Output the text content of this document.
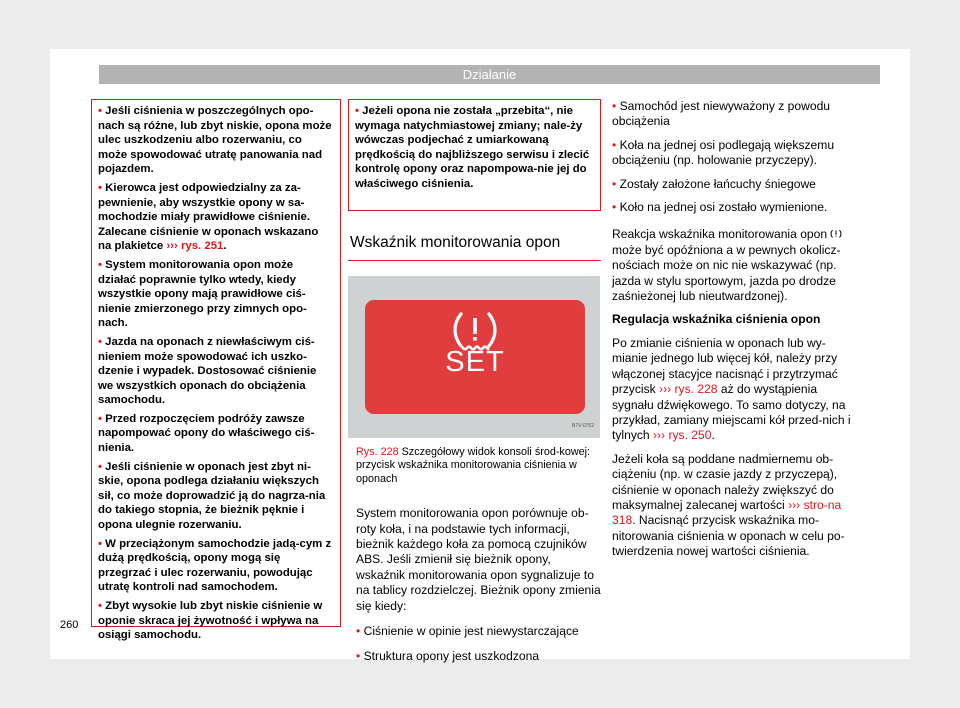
Działanie
• Jeśli ciśnienia w poszczególnych opo-nach są różne, lub zbyt niskie, opona może ulec uszkodzeniu albo rozerwaniu, co może spowodować utratę panowania nad pojazdem.
• Kierowca jest odpowiedzialny za za-pewnienie, aby wszystkie opony w sa-mochodzie miały prawidłowe ciśnienie. Zalecane ciśnienie w oponach wskazano na plakietce ››› rys. 251.
• System monitorowania opon może działać poprawnie tylko wtedy, kiedy wszystkie opony mają prawidłowe ciś-nienie zmierzonego przy zimnych opo-nach.
• Jazda na oponach z niewłaściwym ciś-nieniem może spowodować ich uszko-dzenie i wypadek. Dostosować ciśnienie we wszystkich oponach do obciążenia samochodu.
• Przed rozpoczęciem podróży zawsze napompować opony do właściwego ciś-nienia.
• Jeśli ciśnienie w oponach jest zbyt ni-skie, opona podlega działaniu większych sił, co może doprowadzić ją do nagrza-nia do takiego stopnia, że bieżnik pęknie i opona ulegnie rozerwaniu.
• W przeciążonym samochodzie jadą-cym z dużą prędkością, opony mogą się przegrzać i ulec rozerwaniu, powodując utratę kontroli nad samochodem.
• Zbyt wysokie lub zbyt niskie ciśnienie w oponie skraca jej żywotność i wpływa na osiągi samochodu.
• Jeżeli opona nie została „przebita“, nie wymaga natychmiastowej zmiany; nale-ży wówczas podjechać z umiarkowaną prędkością do najbliższego serwisu i zlecić kontrolę opony oraz napompowa-nie jej do właściwego ciśnienia.
Wskaźnik monitorowania opon
SET
B7V-0762
Rys. 228 Szczegółowy widok konsoli środ-kowej: przycisk wskaźnika monitorowania ciśnienia w oponach
System monitorowania opon porównuje ob-roty koła, i na podstawie tych informacji, bieżnik każdego koła za pomocą czujników ABS. Jeśli zmienił się bieżnik opony, wskaźnik monitorowania opon sygnalizuje to na tablicy rozdzielczej. Bieżnik opony zmienia się kiedy:
• Ciśnienie w opinie jest niewystarczające
• Struktura opony jest uszkodzona
• Samochód jest niewyważony z powodu obciążenia
• Koła na jednej osi podlegają większemu obciążeniu (np. holowanie przyczepy).
• Zostały założone łańcuchy śniegowe
• Koło na jednej osi zostało wymienione.

Reakcja wskaźnika monitorowania opon  może być opóźniona a w pewnych okolicz-nościach może on nic nie wskazywać (np. jazda w stylu sportowym, jazda po drodze zaśnieżonej lub nieutwardzonej).

Regulacja wskaźnika ciśnienia opon

Po zmianie ciśnienia w oponach lub wy-mianie jednego lub więcej kół, należy przy włączonej stacyjce nacisnąć i przytrzymać przycisk ››› rys. 228 aż do wystąpienia sygnału dźwiękowego. To samo dotyczy, na przykład, zamiany miejscami kół przed-nich i tylnych ››› rys. 250.

Jeżeli koła są poddane nadmiernemu ob-ciążeniu (np. w czasie jazdy z przyczepą), ciśnienie w oponach należy zwiększyć do maksymalnej zalecanej wartości ››› stro-na 318. Nacisnąć przycisk wskaźnika mo-nitorowania ciśnienia w oponach w celu po-twierdzenia nowej wartości ciśnienia.

260
